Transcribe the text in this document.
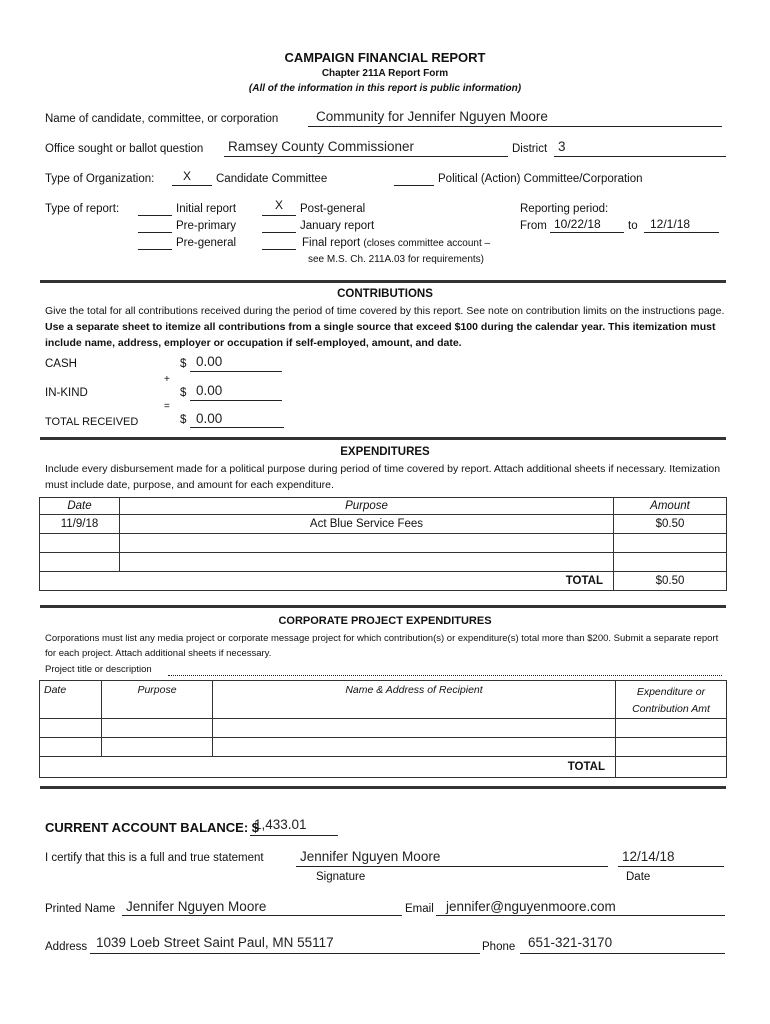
CAMPAIGN FINANCIAL REPORT
Chapter 211A Report Form
(All of the information in this report is public information)
Name of candidate, committee, or corporation	Community for Jennifer Nguyen Moore
Office sought or ballot question Ramsey County Commissioner	District 3
Type of Organization:	X	Candidate Committee	Political (Action) Committee/Corporation
Type of report:	Initial report
Pre-primary
Pre-general
X	Post-general
January report
Final report (closes committee account –
see M.S. Ch. 211A.03 for requirements)
Reporting period:
From 10/22/18 to 12/1/18
CONTRIBUTIONS
Give the total for all contributions received during the period of time covered by this report. See note on contribution limits on the instructions page. Use a separate sheet to itemize all contributions from a single source that exceed $100 during the calendar year. This itemization must include name, address, employer or occupation if self-employed, amount, and date.
CASH	$ 0.00
+
IN-KIND	$ 0.00
=
TOTAL RECEIVED	$ 0.00
EXPENDITURES
Include every disbursement made for a political purpose during period of time covered by report. Attach additional sheets if necessary. Itemization must include date, purpose, and amount for each expenditure.
Date	Purpose	Amount
11/9/18	Act Blue Service Fees	$0.50

TOTAL		$0.50
CORPORATE PROJECT EXPENDITURES
Corporations must list any media project or corporate message project for which contribution(s) or expenditure(s) total more than $200. Submit a separate report for each project. Attach additional sheets if necessary.
Project title or description
Date	Purpose	Name & Address of Recipient	Expenditure or
Contribution Amt

TOTAL			
CURRENT ACCOUNT BALANCE: $
1,433.01
I certify that this is a full and true statement	Jennifer Nguyen Moore	12/14/18
Signature	Date
Printed Name Jennifer Nguyen Moore	Email jennifer@nguyenmoore.com
Address 1039 Loeb Street Saint Paul, MN 55117	Phone 651-321-3170
